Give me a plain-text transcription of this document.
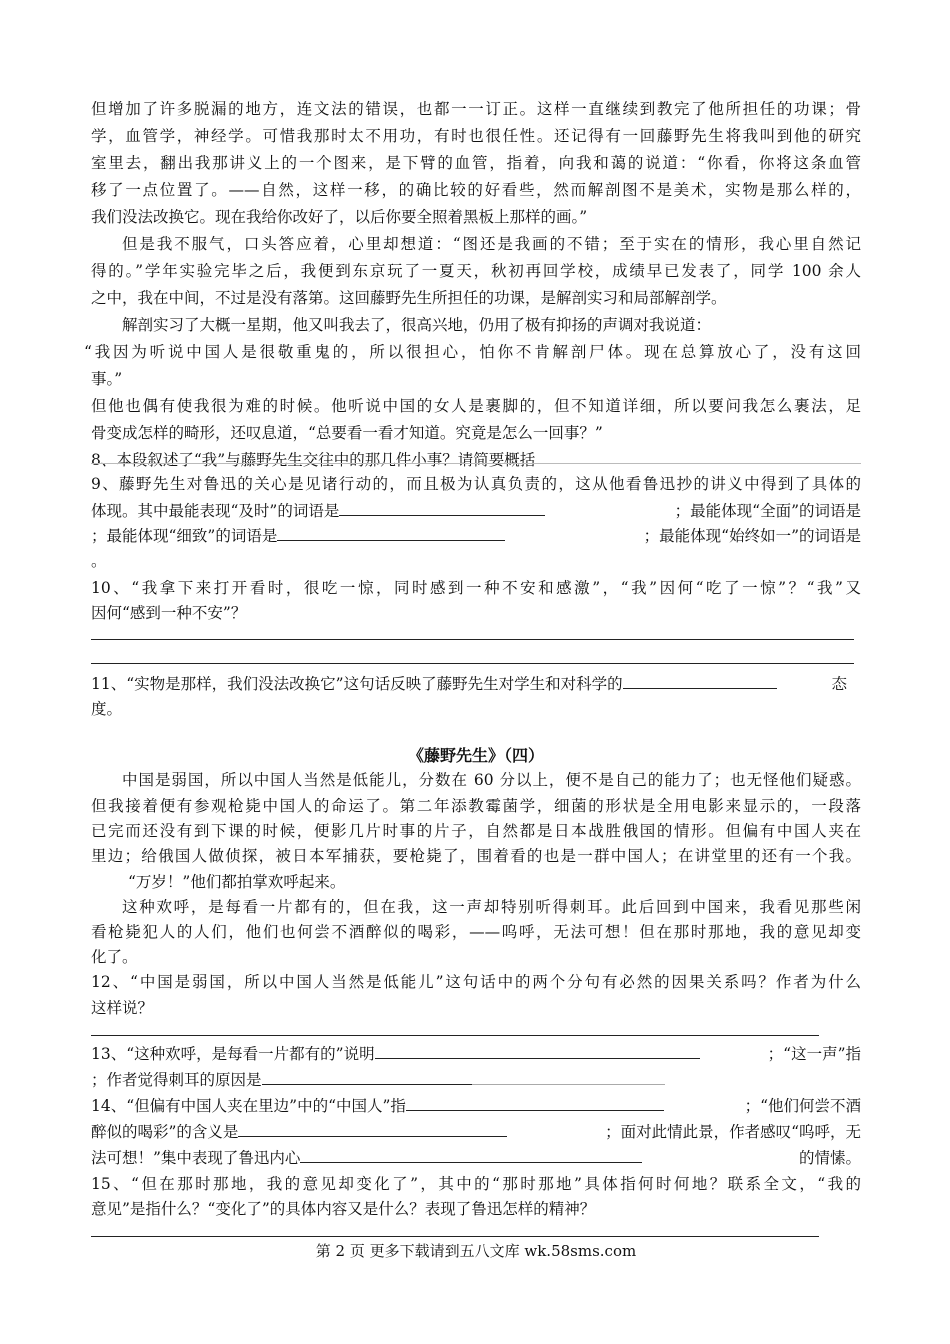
但增加了许多脱漏的地方，连文法的错误，也都一一订正。这样一直继续到教完了他所担任的功课；骨
学，血管学，神经学。可惜我那时太不用功，有时也很任性。还记得有一回藤野先生将我叫到他的研究
室里去，翻出我那讲义上的一个图来，是下臂的血管，指着，向我和蔼的说道：“你看，你将这条血管
移了一点位置了。——自然，这样一移，的确比较的好看些，然而解剖图不是美术，实物是那么样的，
我们没法改换它。现在我给你改好了，以后你要全照着黑板上那样的画。”
但是我不服气，口头答应着，心里却想道：“图还是我画的不错；至于实在的情形，我心里自然记
得的。”学年实验完毕之后，我便到东京玩了一夏天，秋初再回学校，成绩早已发表了，同学 100 余人
之中，我在中间，不过是没有落第。这回藤野先生所担任的功课，是解剖实习和局部解剖学。
解剖实习了大概一星期，他又叫我去了，很高兴地，仍用了极有抑扬的声调对我说道：
“我因为听说中国人是很敬重鬼的，所以很担心，怕你不肯解剖尸体。现在总算放心了，没有这回
事。”
但他也偶有使我很为难的时候。他听说中国的女人是裹脚的，但不知道详细，所以要问我怎么裹法，足
骨变成怎样的畸形，还叹息道，“总要看一看才知道。究竟是怎么一回事？”
8、本段叙述了“我”与藤野先生交往中的那几件小事？请简要概括
9、藤野先生对鲁迅的关心是见诸行动的，而且极为认真负责的，这从他看鲁迅抄的讲义中得到了具体的
体现。其中最能表现“及时”的词语是	；最能体现“全面”的词语是
；最能体现“细致”的词语是	；最能体现“始终如一”的词语是
。
10、“我拿下来打开看时，很吃一惊，同时感到一种不安和感激”，“我”因何“吃了一惊”？“我”又
因何“感到一种不安”？
11、“实物是那样，我们没法改换它”这句话反映了藤野先生对学生和对科学的	态
度。
《藤野先生》（四）
中国是弱国，所以中国人当然是低能儿，分数在 60 分以上，便不是自己的能力了；也无怪他们疑惑。
但我接着便有参观枪毙中国人的命运了。第二年添教霉菌学，细菌的形状是全用电影来显示的，一段落
已完而还没有到下课的时候，便影几片时事的片子，自然都是日本战胜俄国的情形。但偏有中国人夹在
里边；给俄国人做侦探，被日本军捕获，要枪毙了，围着看的也是一群中国人；在讲堂里的还有一个我。
“万岁！”他们都拍掌欢呼起来。
这种欢呼，是每看一片都有的，但在我，这一声却特别听得刺耳。此后回到中国来，我看见那些闲
看枪毙犯人的人们，他们也何尝不酒醉似的喝彩，——呜呼，无法可想！但在那时那地，我的意见却变
化了。
12、“中国是弱国，所以中国人当然是低能儿”这句话中的两个分句有必然的因果关系吗？作者为什么
这样说？
13、“这种欢呼，是每看一片都有的”说明	；“这一声”指
；作者觉得刺耳的原因是
14、“但偏有中国人夹在里边”中的“中国人”指	；“他们何尝不酒
醉似的喝彩”的含义是	；面对此情此景，作者感叹“呜呼，无
法可想！”集中表现了鲁迅内心	的情愫。
15、“但在那时那地，我的意见却变化了”，其中的“那时那地”具体指何时何地？联系全文，“我的
意见”是指什么？“变化了”的具体内容又是什么？表现了鲁迅怎样的精神？
第 2 页 更多下载请到五八文库 wk.58sms.com
